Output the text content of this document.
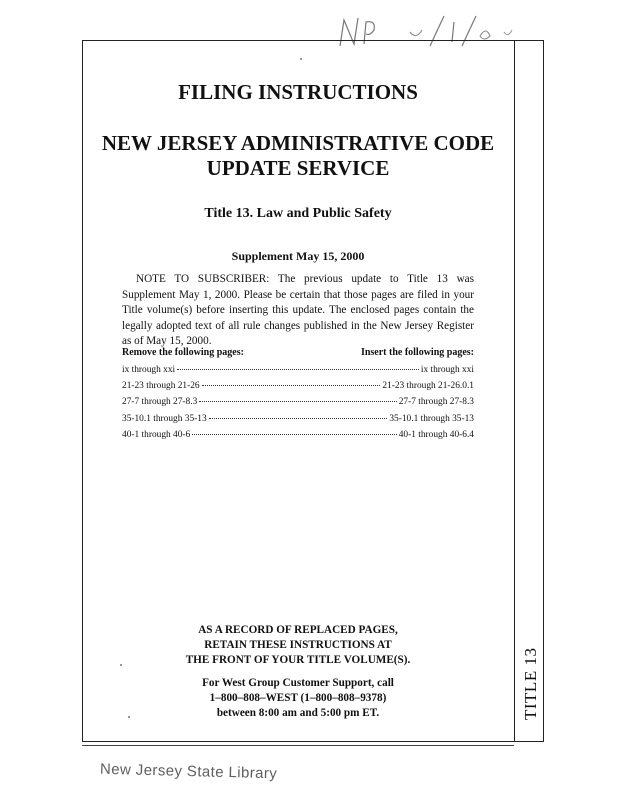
TITLE 13
FILING INSTRUCTIONS
NEW JERSEY ADMINISTRATIVE CODE
UPDATE SERVICE
Title 13. Law and Public Safety
Supplement May 15, 2000
NOTE TO SUBSCRIBER: The previous update to Title 13 was Supplement May 1, 2000. Please be certain that those pages are filed in your Title volume(s) before inserting this update. The enclosed pages contain the legally adopted text of all rule changes published in the New Jersey Register as of May 15, 2000.
Remove the following pages:	Insert the following pages:
ix through xxi	ix through xxi
21-23 through 21-26	21-23 through 21-26.0.1
27-7 through 27-8.3	27-7 through 27-8.3
35-10.1 through 35-13	35-10.1 through 35-13
40-1 through 40-6	40-1 through 40-6.4
AS A RECORD OF REPLACED PAGES,
RETAIN THESE INSTRUCTIONS AT
THE FRONT OF YOUR TITLE VOLUME(S).
For West Group Customer Support, call
1–800–808–WEST (1–800–808–9378)
between 8:00 am and 5:00 pm ET.
New Jersey State Library
